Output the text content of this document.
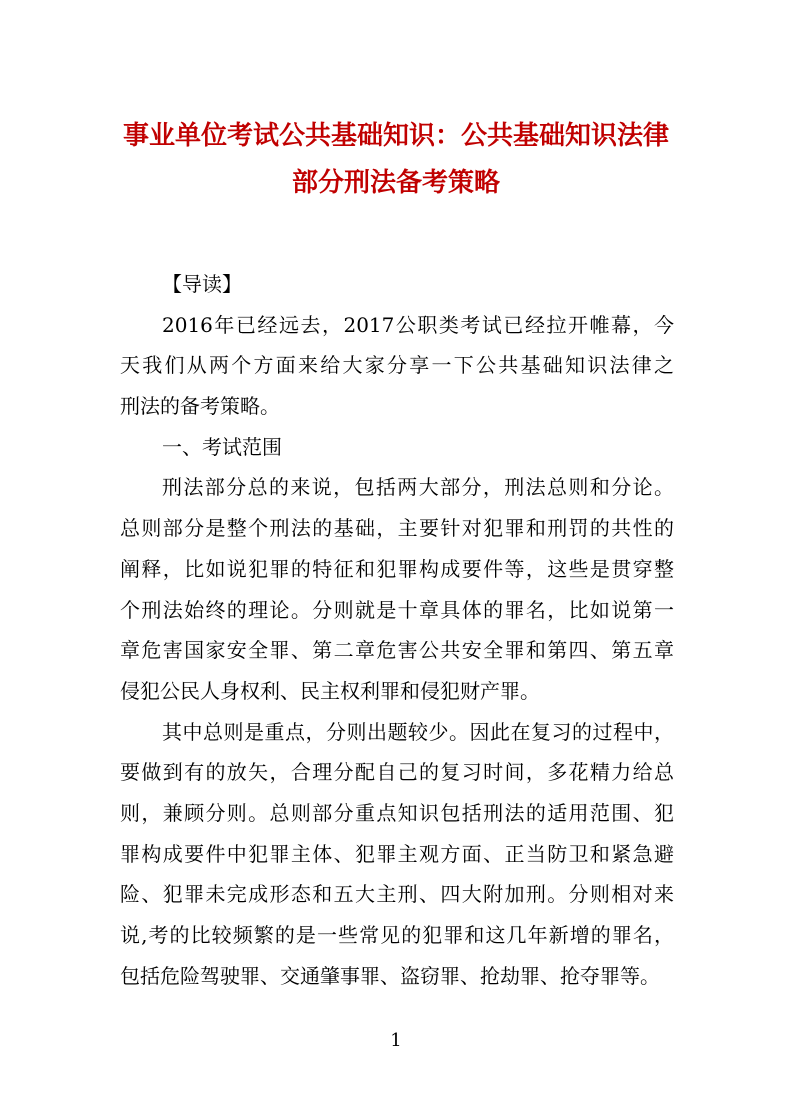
事业单位考试公共基础知识：公共基础知识法律
部分刑法备考策略
【导读】
2016年已经远去，2017公职类考试已经拉开帷幕，今
天我们从两个方面来给大家分享一下公共基础知识法律之
刑法的备考策略。
一、考试范围
刑法部分总的来说，包括两大部分，刑法总则和分论。
总则部分是整个刑法的基础，主要针对犯罪和刑罚的共性的
阐释，比如说犯罪的特征和犯罪构成要件等，这些是贯穿整
个刑法始终的理论。分则就是十章具体的罪名，比如说第一
章危害国家安全罪、第二章危害公共安全罪和第四、第五章
侵犯公民人身权利、民主权利罪和侵犯财产罪。
其中总则是重点，分则出题较少。因此在复习的过程中，
要做到有的放矢，合理分配自己的复习时间，多花精力给总
则，兼顾分则。总则部分重点知识包括刑法的适用范围、犯
罪构成要件中犯罪主体、犯罪主观方面、正当防卫和紧急避
险、犯罪未完成形态和五大主刑、四大附加刑。分则相对来
说,考的比较频繁的是一些常见的犯罪和这几年新增的罪名，
包括危险驾驶罪、交通肇事罪、盗窃罪、抢劫罪、抢夺罪等。
1
